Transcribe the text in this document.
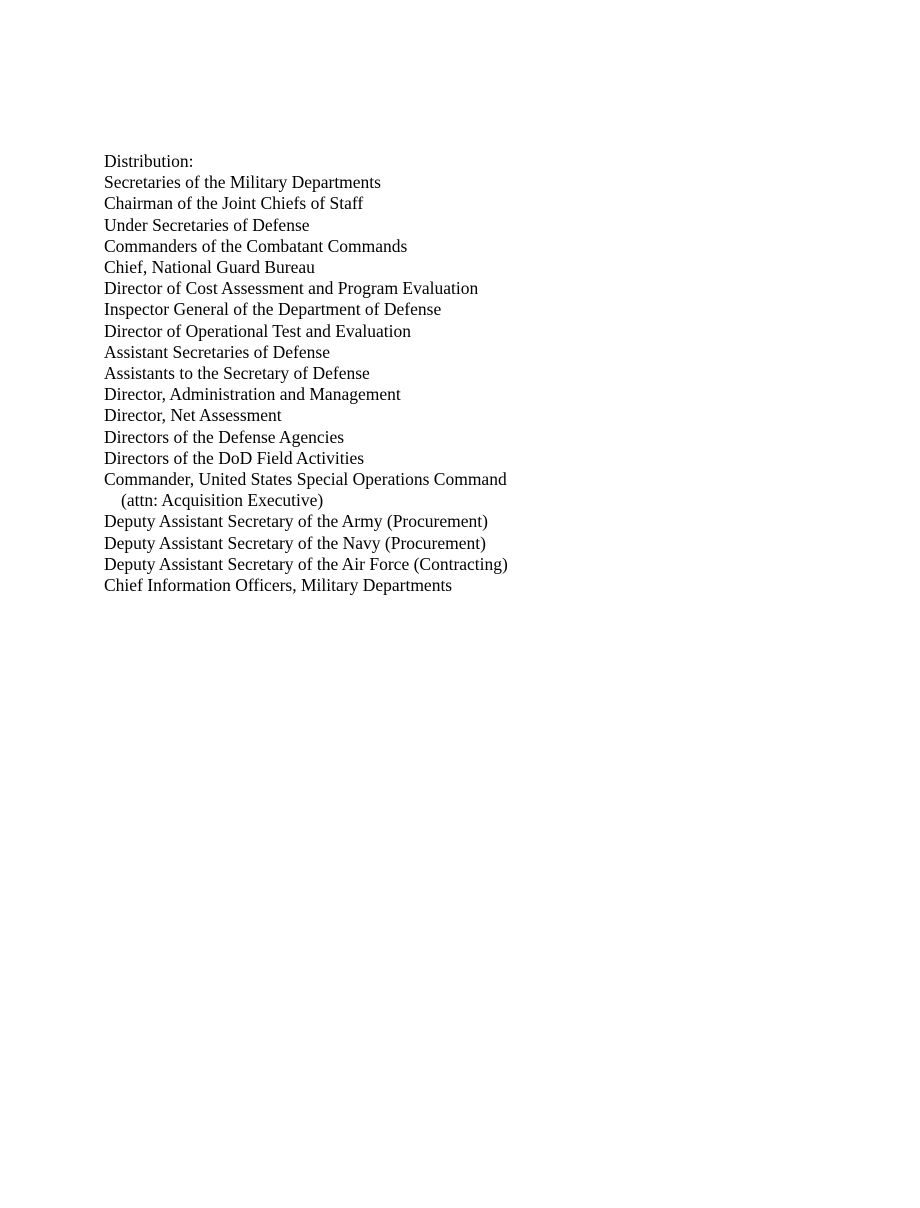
Distribution:
Secretaries of the Military Departments
Chairman of the Joint Chiefs of Staff
Under Secretaries of Defense
Commanders of the Combatant Commands
Chief, National Guard Bureau
Director of Cost Assessment and Program Evaluation
Inspector General of the Department of Defense
Director of Operational Test and Evaluation
Assistant Secretaries of Defense
Assistants to the Secretary of Defense
Director, Administration and Management
Director, Net Assessment
Directors of the Defense Agencies
Directors of the DoD Field Activities
Commander, United States Special Operations Command
(attn: Acquisition Executive)
Deputy Assistant Secretary of the Army (Procurement)
Deputy Assistant Secretary of the Navy (Procurement)
Deputy Assistant Secretary of the Air Force (Contracting)
Chief Information Officers, Military Departments
